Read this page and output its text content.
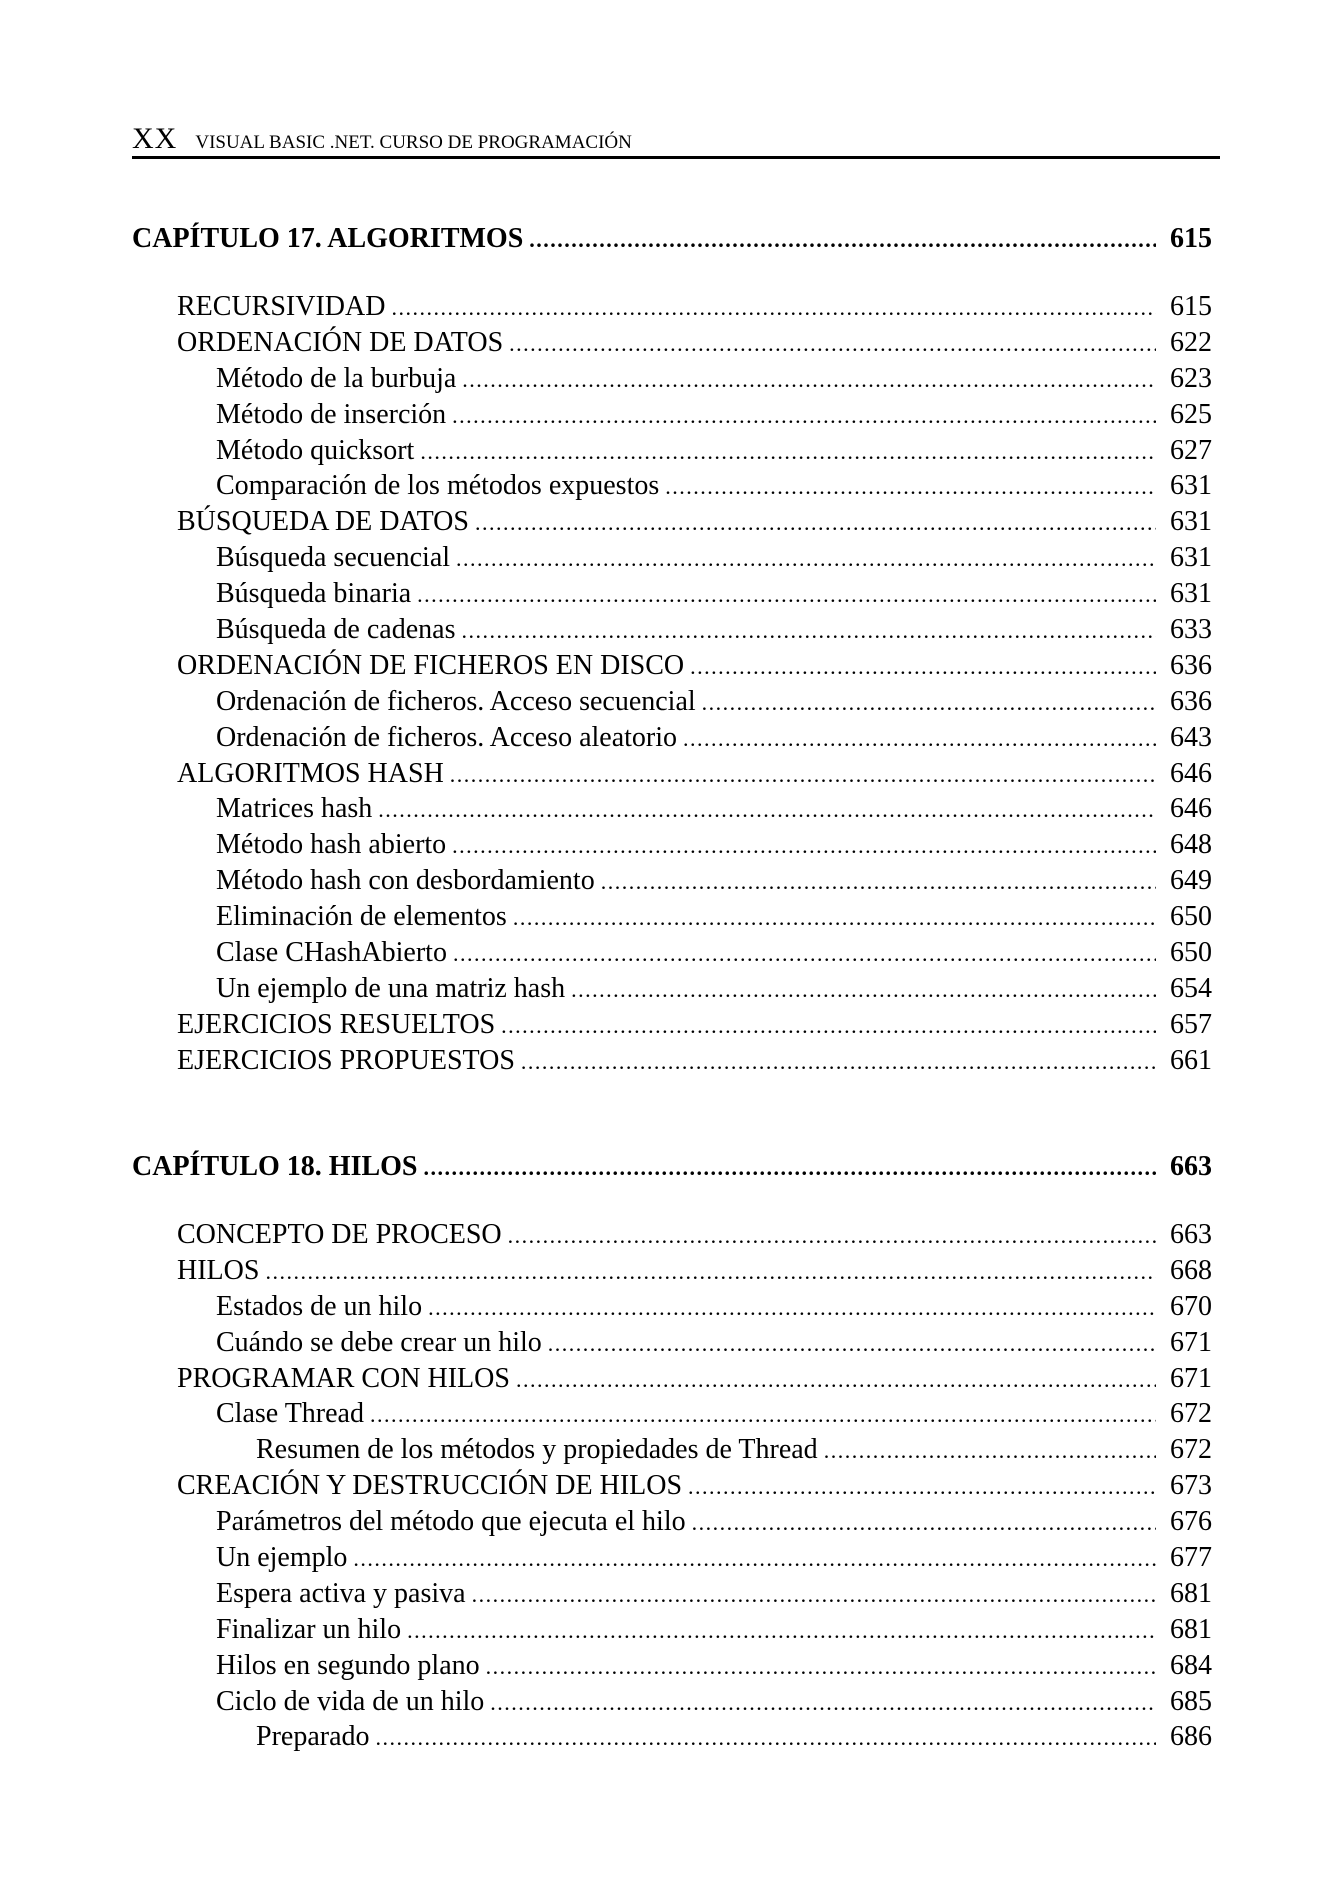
XX VISUAL BASIC .NET. CURSO DE PROGRAMACIÓN
CAPÍTULO 17. ALGORITMOS . . .	615
RECURSIVIDAD . . .	615
ORDENACIÓN DE DATOS . . .	622
Método de la burbuja . . .	623
Método de inserción . . .	625
Método quicksort . . .	627
Comparación de los métodos expuestos . . .	631
BÚSQUEDA DE DATOS . . .	631
Búsqueda secuencial . . .	631
Búsqueda binaria . . .	631
Búsqueda de cadenas . . .	633
ORDENACIÓN DE FICHEROS EN DISCO . . .	636
Ordenación de ficheros. Acceso secuencial . . .	636
Ordenación de ficheros. Acceso aleatorio . . .	643
ALGORITMOS HASH . . .	646
Matrices hash . . .	646
Método hash abierto . . .	648
Método hash con desbordamiento . . .	649
Eliminación de elementos . . .	650
Clase CHashAbierto . . .	650
Un ejemplo de una matriz hash . . .	654
EJERCICIOS RESUELTOS . . .	657
EJERCICIOS PROPUESTOS . . .	661
CAPÍTULO 18. HILOS . . .	663
CONCEPTO DE PROCESO . . .	663
HILOS . . .	668
Estados de un hilo . . .	670
Cuándo se debe crear un hilo . . .	671
PROGRAMAR CON HILOS . . .	671
Clase Thread . . .	672
Resumen de los métodos y propiedades de Thread . . .	672
CREACIÓN Y DESTRUCCIÓN DE HILOS . . .	673
Parámetros del método que ejecuta el hilo . . .	676
Un ejemplo . . .	677
Espera activa y pasiva . . .	681
Finalizar un hilo . . .	681
Hilos en segundo plano . . .	684
Ciclo de vida de un hilo . . .	685
Preparado . . .	686
